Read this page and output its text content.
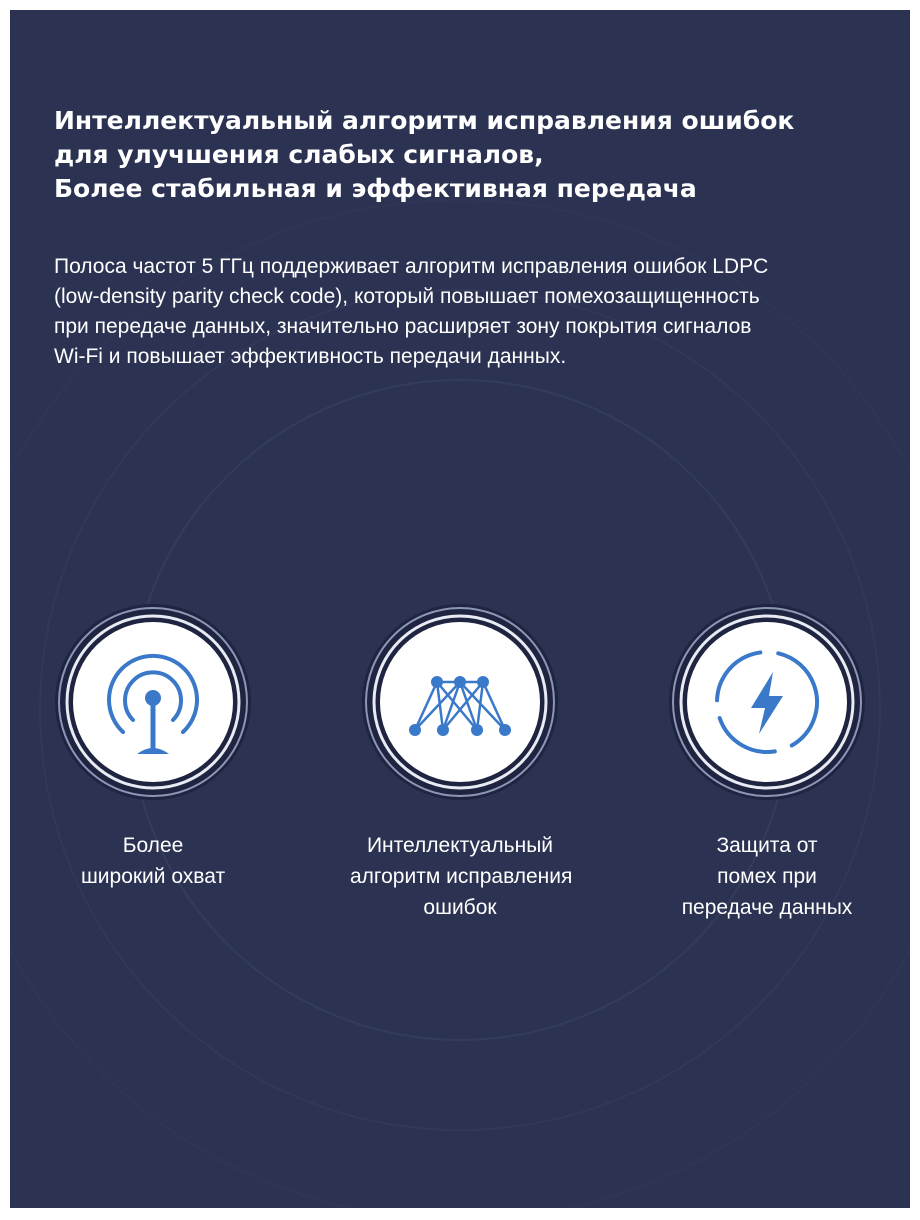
Интеллектуальный алгоритм исправления ошибок
для улучшения слабых сигналов,
Более стабильная и эффективная передача

Полоса частот 5 ГГц поддерживает алгоритм исправления ошибок LDPC
(low-density parity check code), который повышает помехозащищенность
при передаче данных, значительно расширяет зону покрытия сигналов
Wi-Fi и повышает эффективность передачи данных.

Более
широкий охват
Интеллектуальный
алгоритм исправления
ошибок
Защита от
помех при
передаче данных
